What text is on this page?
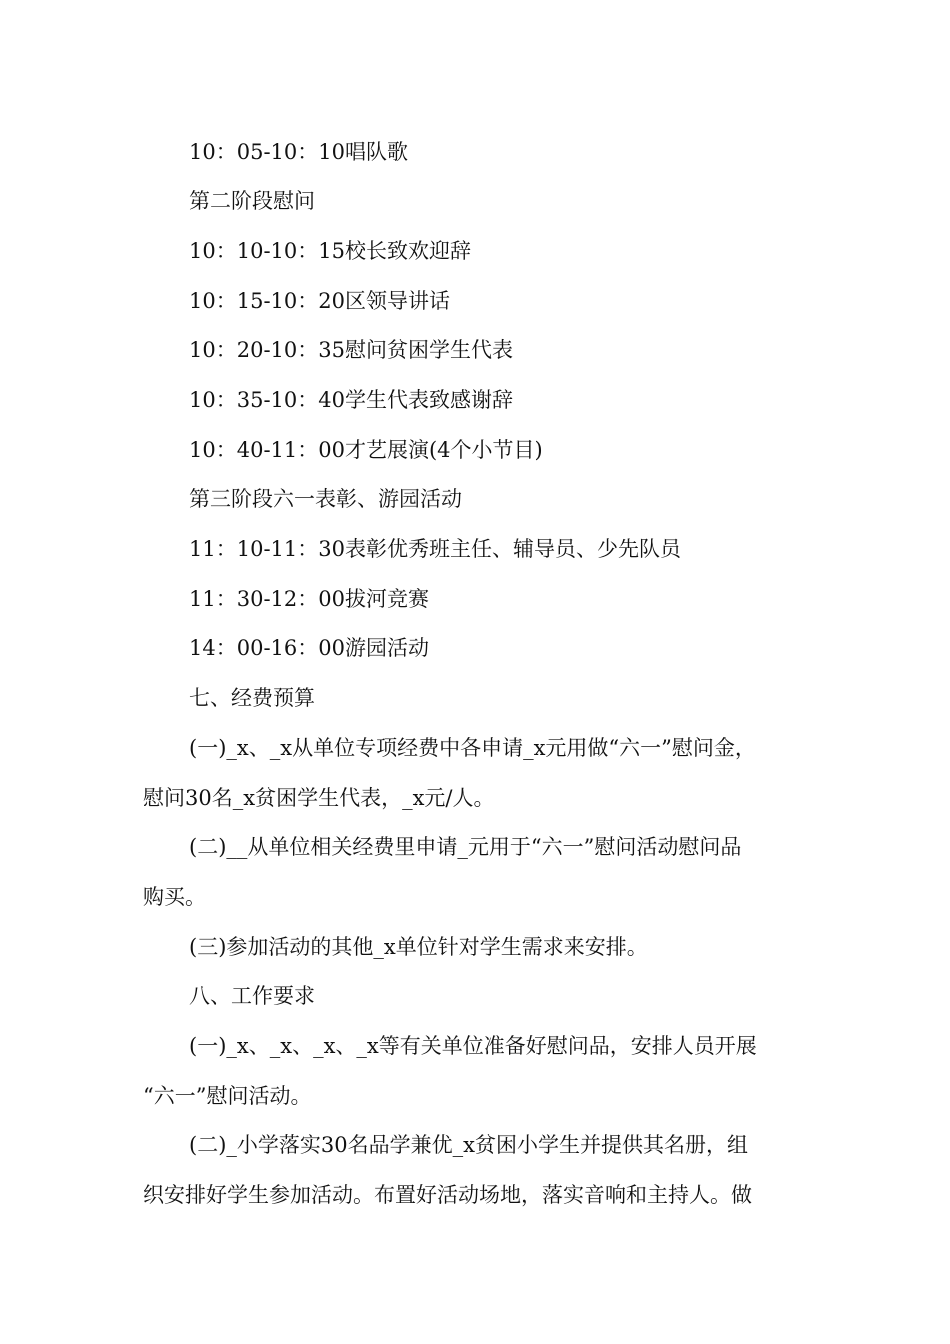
10：05-10：10唱队歌
第二阶段慰问
10：10-10：15校长致欢迎辞
10：15-10：20区领导讲话
10：20-10：35慰问贫困学生代表
10：35-10：40学生代表致感谢辞
10：40-11：00才艺展演(4个小节目)
第三阶段六一表彰、游园活动
11：10-11：30表彰优秀班主任、辅导员、少先队员
11：30-12：00拔河竞赛
14：00-16：00游园活动
七、经费预算
(一)_x、_x从单位专项经费中各申请_x元用做“六一”慰问金，
慰问30名_x贫困学生代表，_x元/人。
(二)__从单位相关经费里申请_元用于“六一”慰问活动慰问品
购买。
(三)参加活动的其他_x单位针对学生需求来安排。
八、工作要求
(一)_x、_x、_x、_x等有关单位准备好慰问品，安排人员开展
“六一”慰问活动。
(二)_小学落实30名品学兼优_x贫困小学生并提供其名册，组
织安排好学生参加活动。布置好活动场地，落实音响和主持人。做
